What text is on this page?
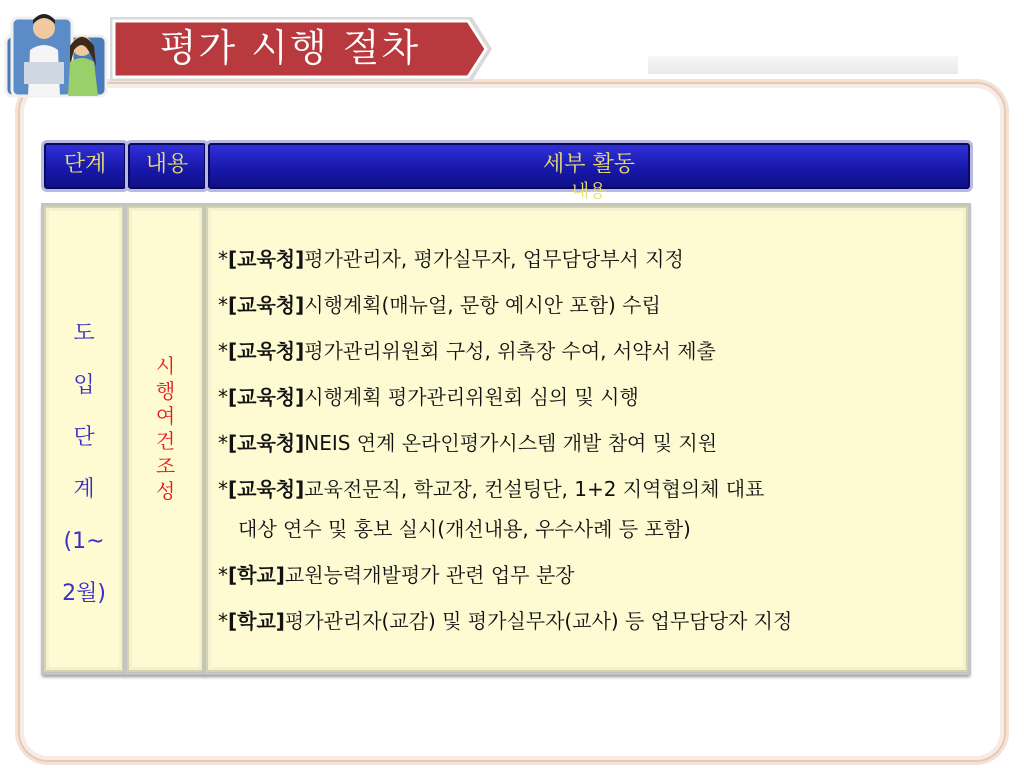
평가 시행 절차
단계	내용	세부 활동
내용
도
입
단
계
(1~
2월)
시
행
여
건
조
성
*[교육청]평가관리자, 평가실무자, 업무담당부서 지정
*[교육청]시행계획(매뉴얼, 문항 예시안 포함) 수립
*[교육청]평가관리위원회 구성, 위촉장 수여, 서약서 제출
*[교육청]시행계획 평가관리위원회 심의 및 시행
*[교육청]NEIS 연계 온라인평가시스템 개발 참여 및 지원
*[교육청]교육전문직, 학교장, 컨설팅단, 1+2 지역협의체 대표
대상 연수 및 홍보 실시(개선내용, 우수사례 등 포함)
*[학교]교원능력개발평가 관련 업무 분장
*[학교]평가관리자(교감) 및 평가실무자(교사) 등 업무담당자 지정
